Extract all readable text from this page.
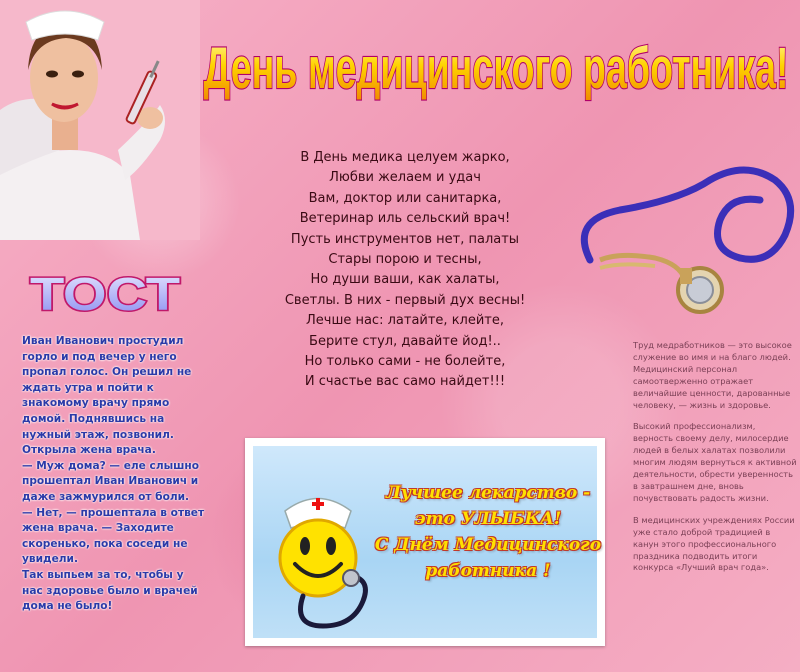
День медицинского работника!
В День медика целуем жарко,
Любви желаем и удач
Вам, доктор или санитарка,
Ветеринар иль сельский врач!
Пусть инструментов нет, палаты
Стары порою и тесны,
Но души ваши, как халаты,
Светлы. В них - первый дух весны!
Лечше нас: латайте, клейте,
Берите стул, давайте йод!..
Но только сами - не болейте,
И счастье вас само найдет!!!
ТОСТ
Иван Иванович простудил
горло и под вечер у него
пропал голос. Он решил не
ждать утра и пойти к
знакомому врачу прямо
домой. Поднявшись на
нужный этаж, позвонил.
Открыла жена врача.
— Муж дома? — еле слышно
прошептал Иван Иванович и
даже зажмурился от боли.
— Нет, — прошептала в ответ
жена врача. — Заходите
скоренько, пока соседи не
увидели.
Так выпьем за то, чтобы у
нас здоровье было и врачей
дома не было!
Труд медработников — это высокое служение во имя и на благо людей. Медицинский персонал самоотверженно отражает величайшие ценности, дарованные человеку, — жизнь и здоровье.
Высокий профессионализм, верность своему делу, милосердие людей в белых халатах позволили многим людям вернуться к активной деятельности, обрести уверенность в завтрашнем дне, вновь почувствовать радость жизни.
В медицинских учреждениях России уже стало доброй традицией в канун этого профессионального праздника подводить итоги конкурса «Лучший врач года».
Лучшее лекарство -
это УЛЫБКА!
С Днём Медицинского
работника !
